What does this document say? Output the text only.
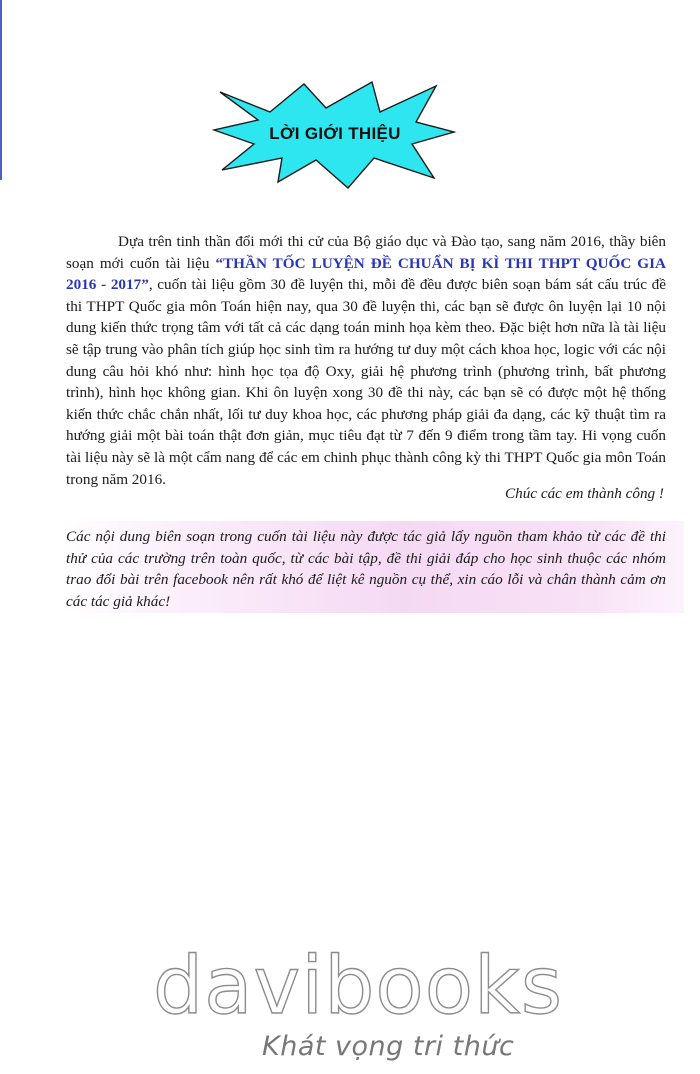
LỜI GIỚI THIỆU

Dựa trên tinh thần đổi mới thi cử của Bộ giáo dục và Đào tạo, sang năm 2016, thầy biên soạn mới cuốn tài liệu “THẦN TỐC LUYỆN ĐỀ CHUẨN BỊ KÌ THI THPT QUỐC GIA 2016 - 2017”, cuốn tài liệu gồm 30 đề luyện thi, mỗi đề đều được biên soạn bám sát cấu trúc đề thi THPT Quốc gia môn Toán hiện nay, qua 30 đề luyện thi, các bạn sẽ được ôn luyện lại 10 nội dung kiến thức trọng tâm với tất cả các dạng toán minh họa kèm theo. Đặc biệt hơn nữa là tài liệu sẽ tập trung vào phân tích giúp học sinh tìm ra hướng tư duy một cách khoa học, logic với các nội dung câu hỏi khó như: hình học tọa độ Oxy, giải hệ phương trình (phương trình, bất phương trình), hình học không gian. Khi ôn luyện xong 30 đề thi này, các bạn sẽ có được một hệ thống kiến thức chắc chắn nhất, lối tư duy khoa học, các phương pháp giải đa dạng, các kỹ thuật tìm ra hướng giải một bài toán thật đơn giản, mục tiêu đạt từ 7 đến 9 điểm trong tầm tay. Hi vọng cuốn tài liệu này sẽ là một cẩm nang để các em chinh phục thành công kỳ thi THPT Quốc gia môn Toán trong năm 2016.

Chúc các em thành công !

Các nội dung biên soạn trong cuốn tài liệu này được tác giả lấy nguồn tham khảo từ các đề thi thử của các trường trên toàn quốc, từ các bài tập, đề thi giải đáp cho học sinh thuộc các nhóm trao đổi bài trên facebook nên rất khó để liệt kê nguồn cụ thể, xin cáo lỗi và chân thành cảm ơn các tác giả khác!

davibooks
Khát vọng tri thức
